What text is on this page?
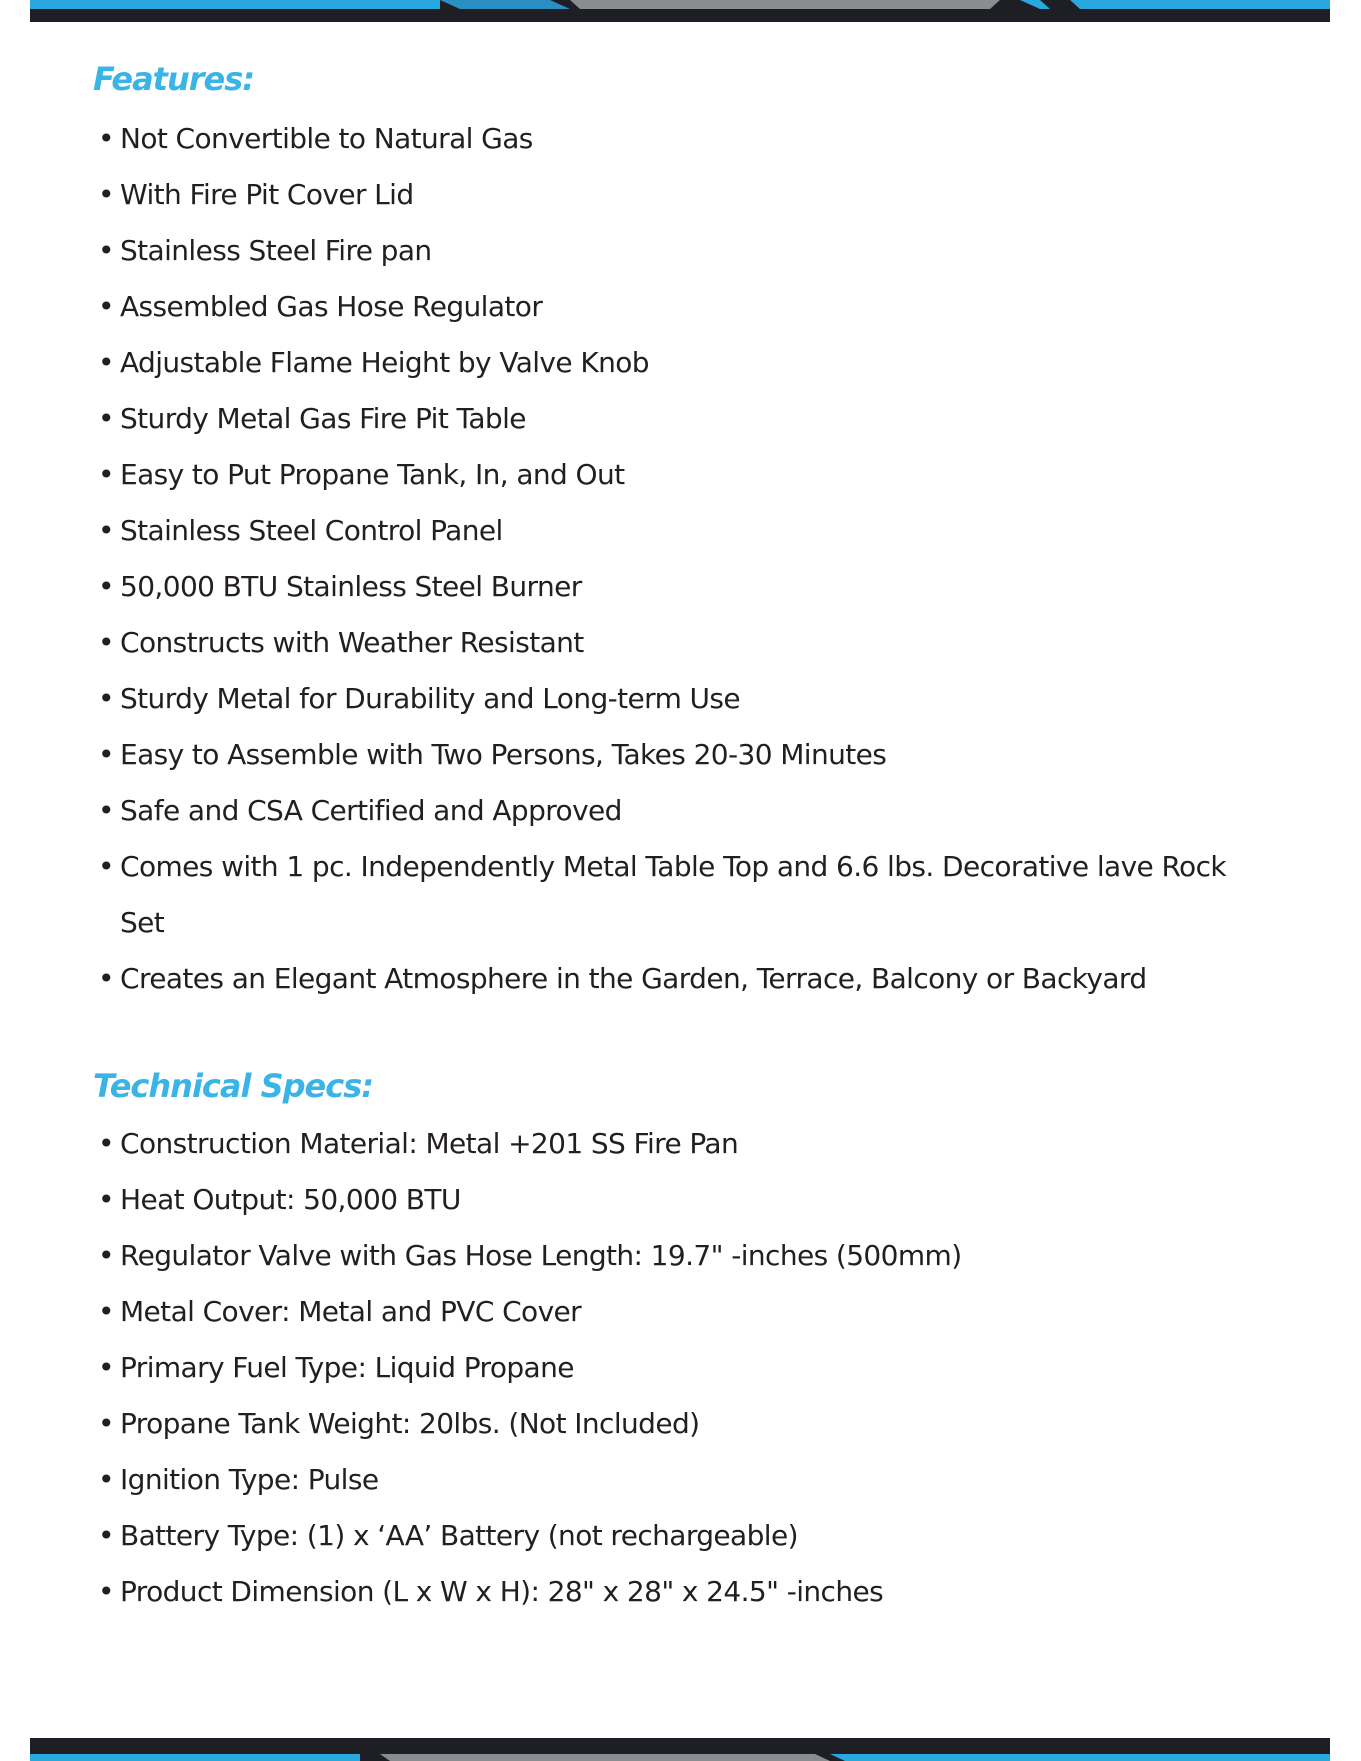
Features:
• Not Convertible to Natural Gas
• With Fire Pit Cover Lid
• Stainless Steel Fire pan
• Assembled Gas Hose Regulator
• Adjustable Flame Height by Valve Knob
• Sturdy Metal Gas Fire Pit Table
• Easy to Put Propane Tank, In, and Out
• Stainless Steel Control Panel
• 50,000 BTU Stainless Steel Burner
• Constructs with Weather Resistant
• Sturdy Metal for Durability and Long-term Use
• Easy to Assemble with Two Persons, Takes 20-30 Minutes
• Safe and CSA Certified and Approved
• Comes with 1 pc. Independently Metal Table Top and 6.6 lbs. Decorative lave Rock Set
• Creates an Elegant Atmosphere in the Garden, Terrace, Balcony or Backyard
Technical Specs:
• Construction Material: Metal +201 SS Fire Pan
• Heat Output: 50,000 BTU
• Regulator Valve with Gas Hose Length: 19.7" -inches (500mm)
• Metal Cover: Metal and PVC Cover
• Primary Fuel Type: Liquid Propane
• Propane Tank Weight: 20lbs. (Not Included)
• Ignition Type: Pulse
• Battery Type: (1) x ‘AA’ Battery (not rechargeable)
• Product Dimension (L x W x H): 28" x 28" x 24.5" -inches
